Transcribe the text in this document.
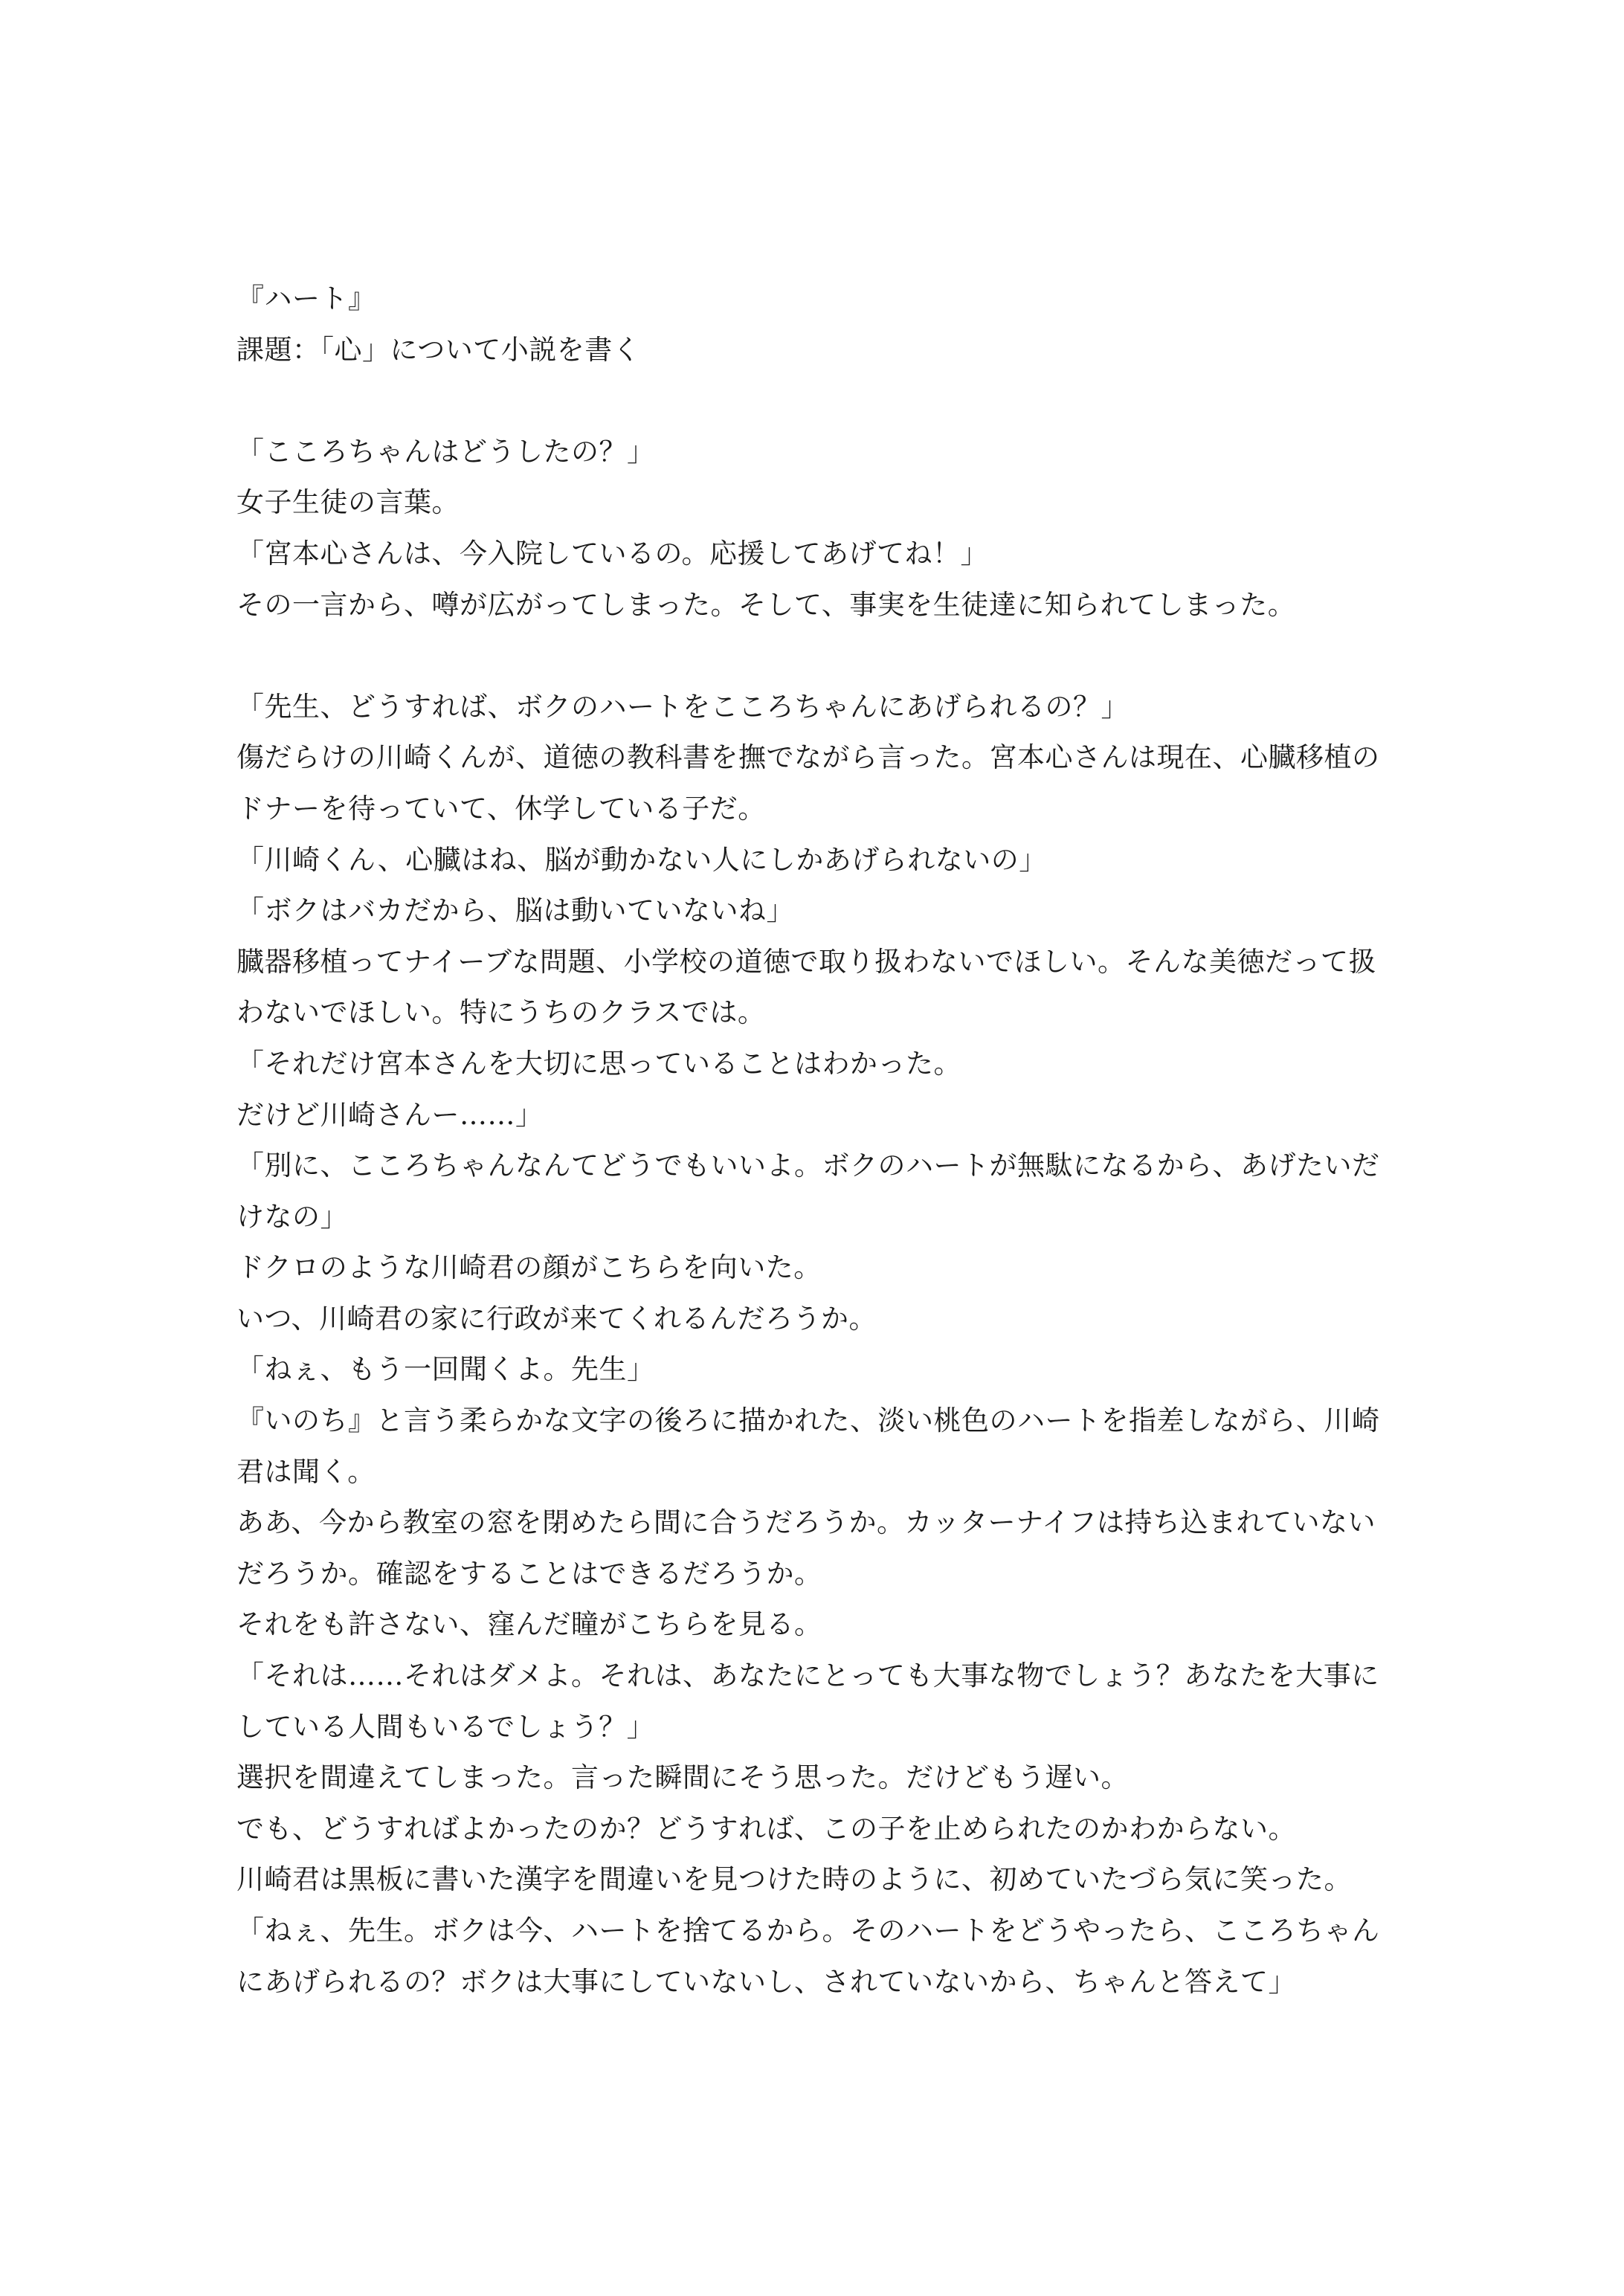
『ハート』
課題：「心」について小説を書く
「こころちゃんはどうしたの？」
女子生徒の言葉。
「宮本心さんは、今入院しているの。応援してあげてね！」
その一言から、噂が広がってしまった。そして、事実を生徒達に知られてしまった。
「先生、どうすれば、ボクのハートをこころちゃんにあげられるの？」
傷だらけの川崎くんが、道徳の教科書を撫でながら言った。宮本心さんは現在、心臓移植の
ドナーを待っていて、休学している子だ。
「川崎くん、心臓はね、脳が動かない人にしかあげられないの」
「ボクはバカだから、脳は動いていないね」
臓器移植ってナイーブな問題、小学校の道徳で取り扱わないでほしい。そんな美徳だって扱
わないでほしい。特にうちのクラスでは。
「それだけ宮本さんを大切に思っていることはわかった。
だけど川崎さんー……」
「別に、こころちゃんなんてどうでもいいよ。ボクのハートが無駄になるから、あげたいだ
けなの」
ドクロのような川崎君の顔がこちらを向いた。
いつ、川崎君の家に行政が来てくれるんだろうか。
「ねぇ、もう一回聞くよ。先生」
『いのち』と言う柔らかな文字の後ろに描かれた、淡い桃色のハートを指差しながら、川崎
君は聞く。
ああ、今から教室の窓を閉めたら間に合うだろうか。カッターナイフは持ち込まれていない
だろうか。確認をすることはできるだろうか。
それをも許さない、窪んだ瞳がこちらを見る。
「それは……それはダメよ。それは、あなたにとっても大事な物でしょう？あなたを大事に
している人間もいるでしょう？」
選択を間違えてしまった。言った瞬間にそう思った。だけどもう遅い。
でも、どうすればよかったのか？どうすれば、この子を止められたのかわからない。
川崎君は黒板に書いた漢字を間違いを見つけた時のように、初めていたづら気に笑った。
「ねぇ、先生。ボクは今、ハートを捨てるから。そのハートをどうやったら、こころちゃん
にあげられるの？ボクは大事にしていないし、されていないから、ちゃんと答えて」
